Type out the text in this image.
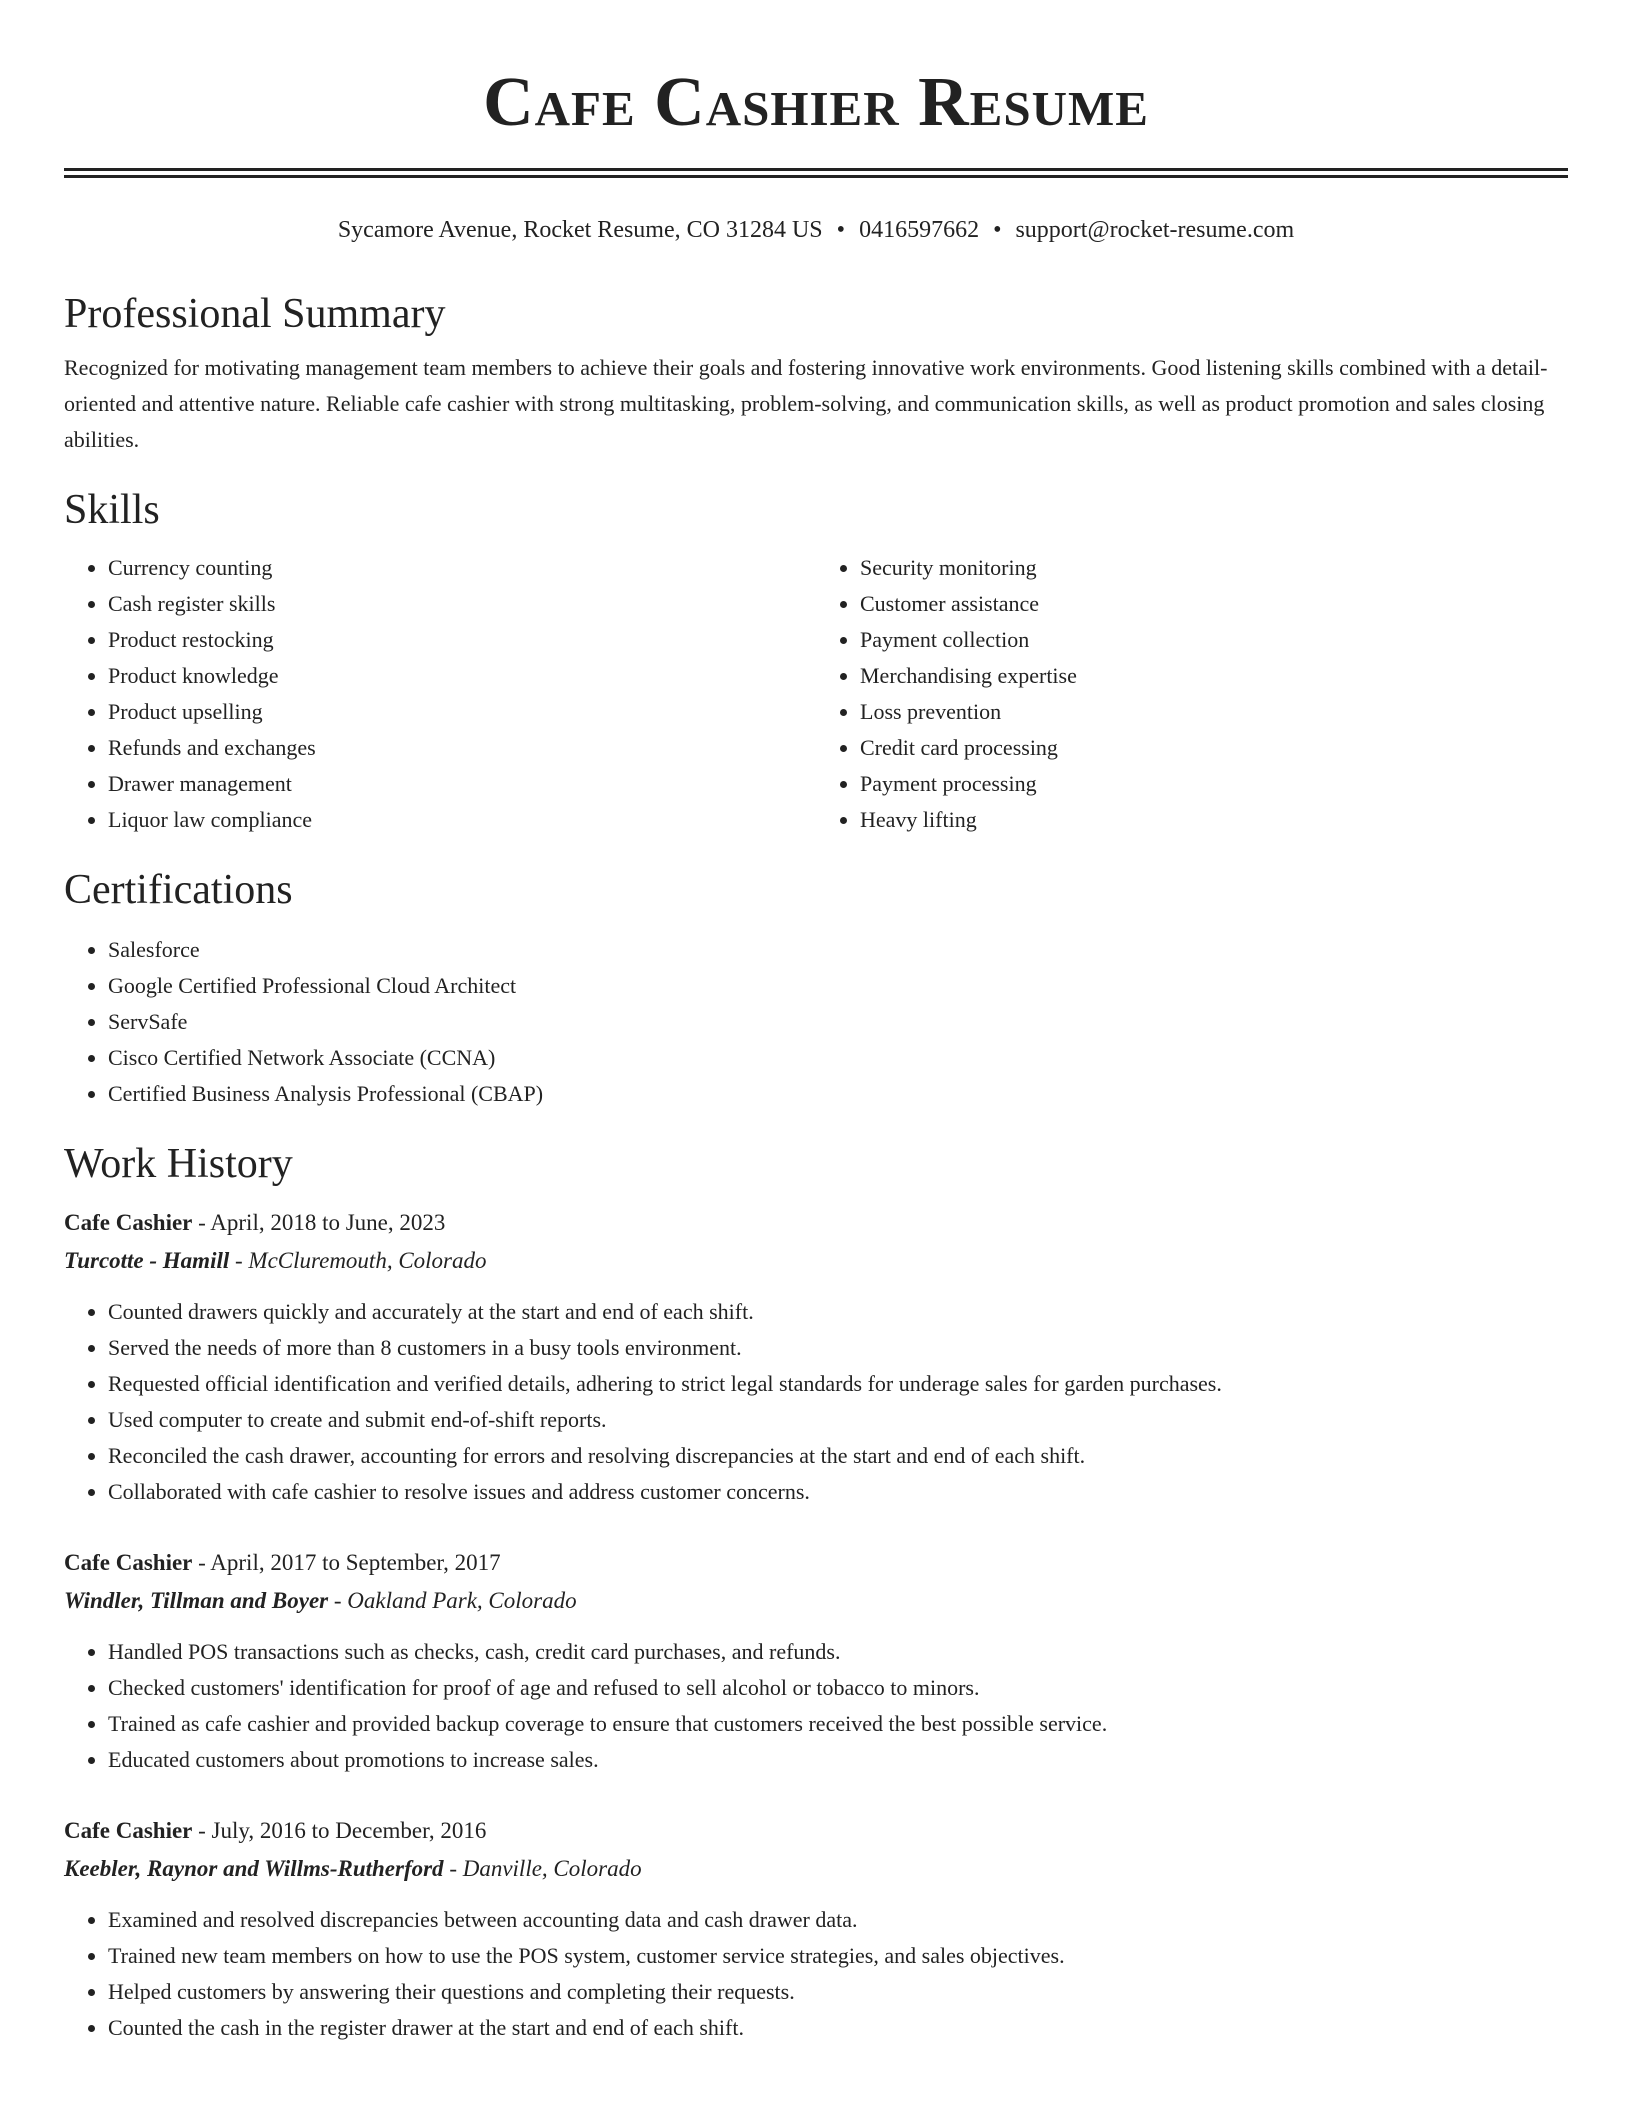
Cafe Cashier Resume
Sycamore Avenue, Rocket Resume, CO 31284 US • 0416597662 • support@rocket-resume.com
Professional Summary
Recognized for motivating management team members to achieve their goals and fostering innovative work environments. Good listening skills combined with a detail-oriented and attentive nature. Reliable cafe cashier with strong multitasking, problem-solving, and communication skills, as well as product promotion and sales closing abilities.
Skills
• Currency counting
• Cash register skills
• Product restocking
• Product knowledge
• Product upselling
• Refunds and exchanges
• Drawer management
• Liquor law compliance
• Security monitoring
• Customer assistance
• Payment collection
• Merchandising expertise
• Loss prevention
• Credit card processing
• Payment processing
• Heavy lifting
Certifications
• Salesforce
• Google Certified Professional Cloud Architect
• ServSafe
• Cisco Certified Network Associate (CCNA)
• Certified Business Analysis Professional (CBAP)
Work History
Cafe Cashier - April, 2018 to June, 2023
Turcotte - Hamill - McCluremouth, Colorado
• Counted drawers quickly and accurately at the start and end of each shift.
• Served the needs of more than 8 customers in a busy tools environment.
• Requested official identification and verified details, adhering to strict legal standards for underage sales for garden purchases.
• Used computer to create and submit end-of-shift reports.
• Reconciled the cash drawer, accounting for errors and resolving discrepancies at the start and end of each shift.
• Collaborated with cafe cashier to resolve issues and address customer concerns.
Cafe Cashier - April, 2017 to September, 2017
Windler, Tillman and Boyer - Oakland Park, Colorado
• Handled POS transactions such as checks, cash, credit card purchases, and refunds.
• Checked customers' identification for proof of age and refused to sell alcohol or tobacco to minors.
• Trained as cafe cashier and provided backup coverage to ensure that customers received the best possible service.
• Educated customers about promotions to increase sales.
Cafe Cashier - July, 2016 to December, 2016
Keebler, Raynor and Willms-Rutherford - Danville, Colorado
• Examined and resolved discrepancies between accounting data and cash drawer data.
• Trained new team members on how to use the POS system, customer service strategies, and sales objectives.
• Helped customers by answering their questions and completing their requests.
• Counted the cash in the register drawer at the start and end of each shift.
